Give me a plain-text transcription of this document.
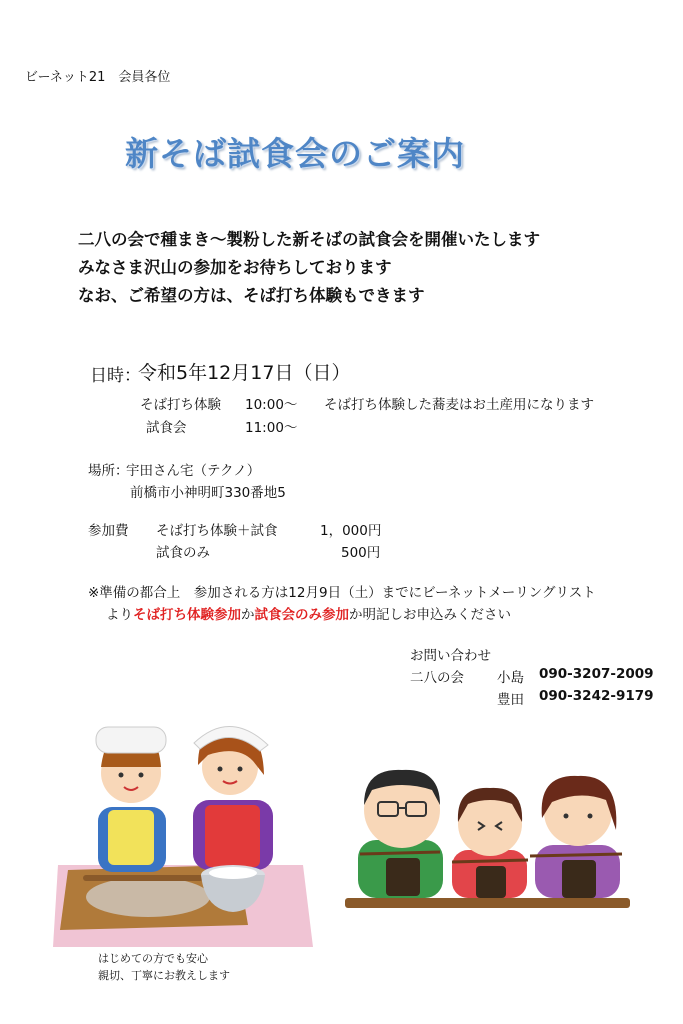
ビーネット21　会員各位
新そば試食会のご案内
二八の会で種まき～製粉した新そばの試食会を開催いたします
みなさま沢山の参加をお待ちしております
なお、ご希望の方は、そば打ち体験もできます
日時：
令和5年12月17日（日）
そば打ち体験 10:00～ そば打ち体験した蕎麦はお土産用になります
試食会	11:00～
場所：
宇田さん宅（テクノ）
前橋市小神明町330番地5
参加費 そば打ち体験＋試食	1，000円
試食のみ	500円
※準備の都合上　参加される方は12月9日（土）までにビーネットメーリングリスト
よりそば打ち体験参加か試食会のみ参加か明記しお申込みください
お問い合わせ
二八の会 小島 090-3207-2009
豊田 090-3242-9179
はじめての方でも安心
親切、丁寧にお教えします
